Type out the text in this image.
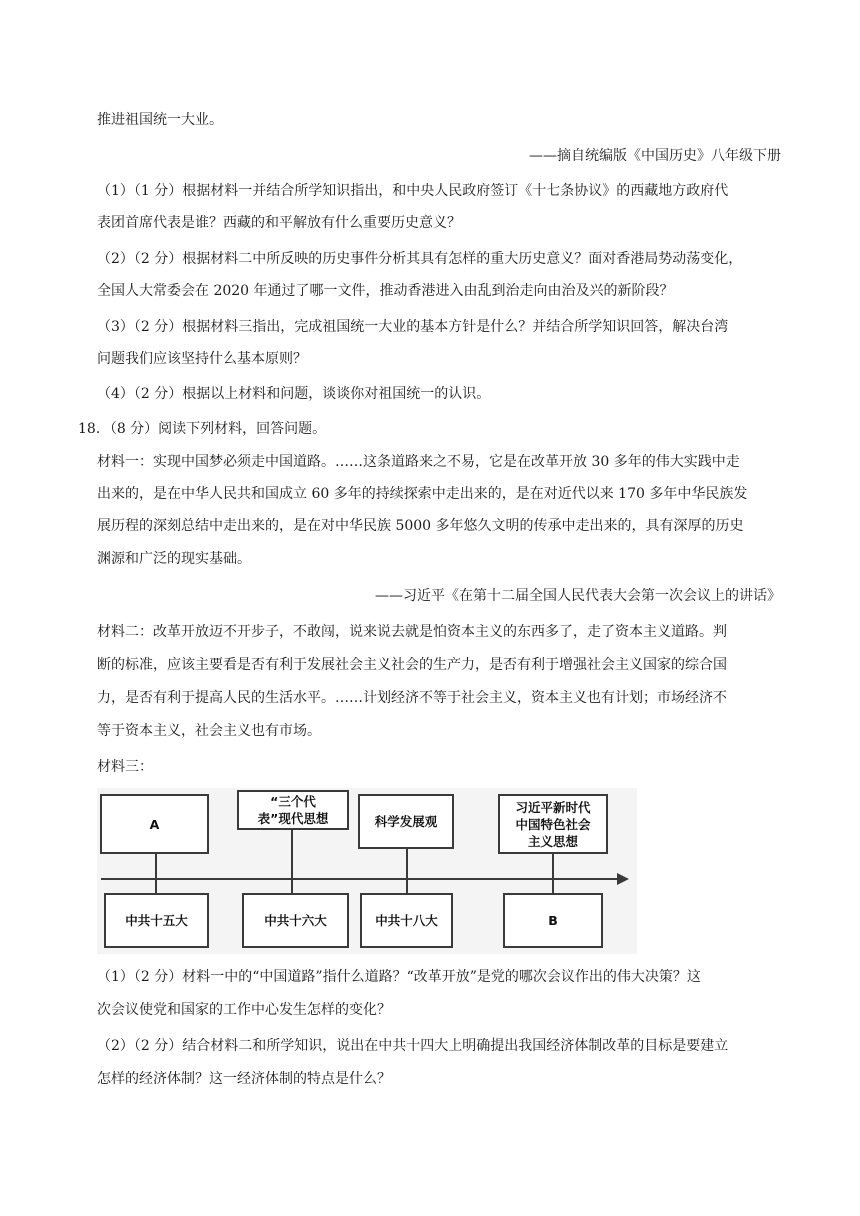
推进祖国统一大业。
——摘自统编版《中国历史》八年级下册
（1）（1 分）根据材料一并结合所学知识指出，和中央人民政府签订《十七条协议》的西藏地方政府代
表团首席代表是谁？西藏的和平解放有什么重要历史意义？
（2）（2 分）根据材料二中所反映的历史事件分析其具有怎样的重大历史意义？面对香港局势动荡变化，
全国人大常委会在 2020 年通过了哪一文件，推动香港进入由乱到治走向由治及兴的新阶段？
（3）（2 分）根据材料三指出，完成祖国统一大业的基本方针是什么？并结合所学知识回答，解决台湾
问题我们应该坚持什么基本原则？
（4）（2 分）根据以上材料和问题，谈谈你对祖国统一的认识。
18．（8 分）阅读下列材料，回答问题。
材料一：实现中国梦必须走中国道路。……这条道路来之不易，它是在改革开放 30 多年的伟大实践中走
出来的，是在中华人民共和国成立 60 多年的持续探索中走出来的，是在对近代以来 170 多年中华民族发
展历程的深刻总结中走出来的，是在对中华民族 5000 多年悠久文明的传承中走出来的，具有深厚的历史
渊源和广泛的现实基础。
——习近平《在第十二届全国人民代表大会第一次会议上的讲话》
材料二：改革开放迈不开步子，不敢闯，说来说去就是怕资本主义的东西多了，走了资本主义道路。判
断的标准，应该主要看是否有利于发展社会主义社会的生产力，是否有利于增强社会主义国家的综合国
力，是否有利于提高人民的生活水平。……计划经济不等于社会主义，资本主义也有计划；市场经济不
等于资本主义，社会主义也有市场。
材料三：
A
“三个代
表”现代思想	科学发展观
习近平新时代
中国特色社会
主义思想
中共十五大	中共十六大	中共十八大	B
（1）（2 分）材料一中的“中国道路”指什么道路？“改革开放”是党的哪次会议作出的伟大决策？这
次会议使党和国家的工作中心发生怎样的变化？
（2）（2 分）结合材料二和所学知识，说出在中共十四大上明确提出我国经济体制改革的目标是要建立
怎样的经济体制？这一经济体制的特点是什么？
